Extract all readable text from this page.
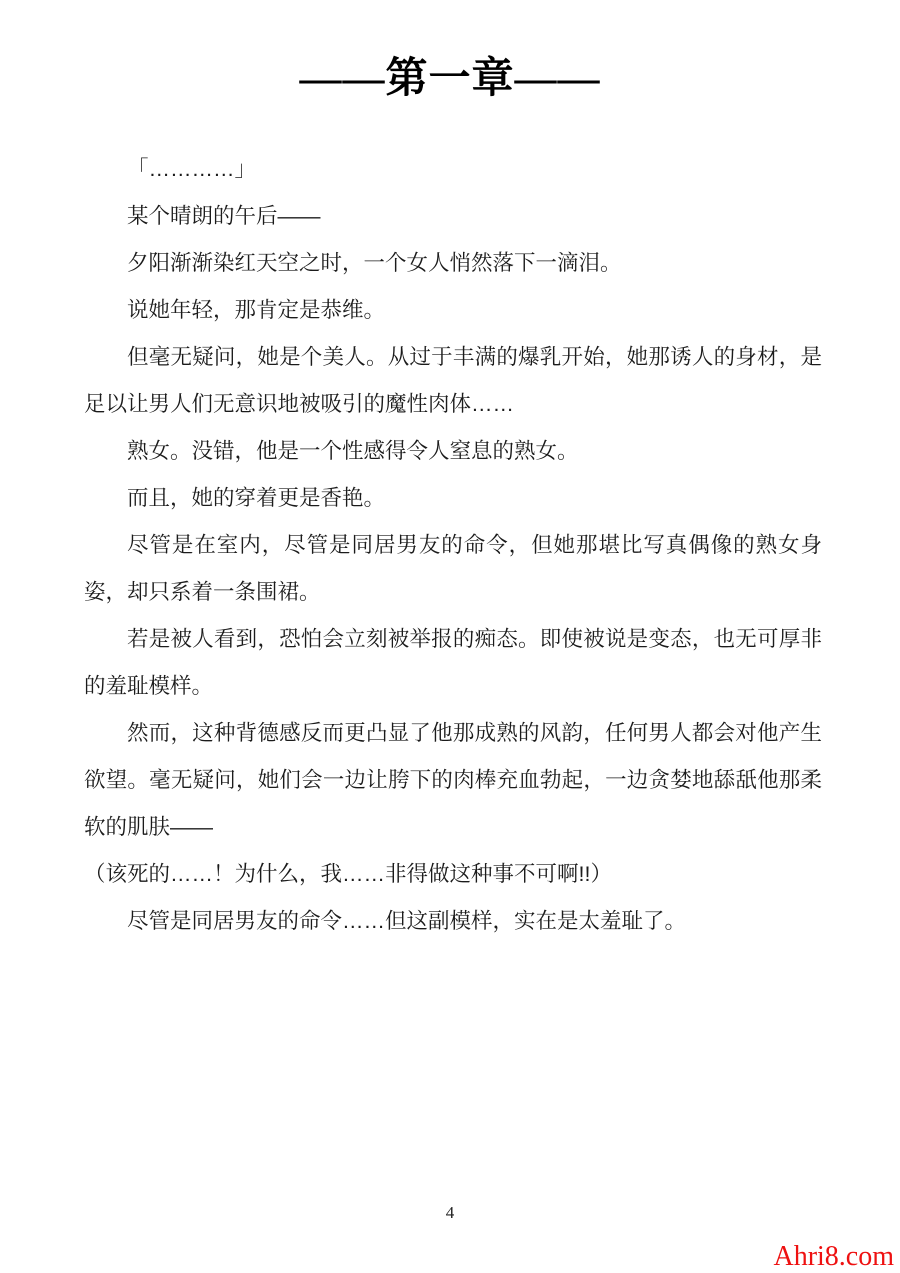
——第一章——

「…………」

某个晴朗的午后——

夕阳渐渐染红天空之时，一个女人悄然落下一滴泪。

说她年轻，那肯定是恭维。

但毫无疑问，她是个美人。从过于丰满的爆乳开始，她那诱人的身材，是足以让男人们无意识地被吸引的魔性肉体……

熟女。没错，他是一个性感得令人窒息的熟女。

而且，她的穿着更是香艳。

尽管是在室内，尽管是同居男友的命令，但她那堪比写真偶像的熟女身姿，却只系着一条围裙。

若是被人看到，恐怕会立刻被举报的痴态。即使被说是变态，也无可厚非的羞耻模样。

然而，这种背德感反而更凸显了他那成熟的风韵，任何男人都会对他产生欲望。毫无疑问，她们会一边让胯下的肉棒充血勃起，一边贪婪地舔舐他那柔软的肌肤——

（该死的……！为什么，我……非得做这种事不可啊!!）

尽管是同居男友的命令……但这副模样，实在是太羞耻了。

4
Ahri8.com
